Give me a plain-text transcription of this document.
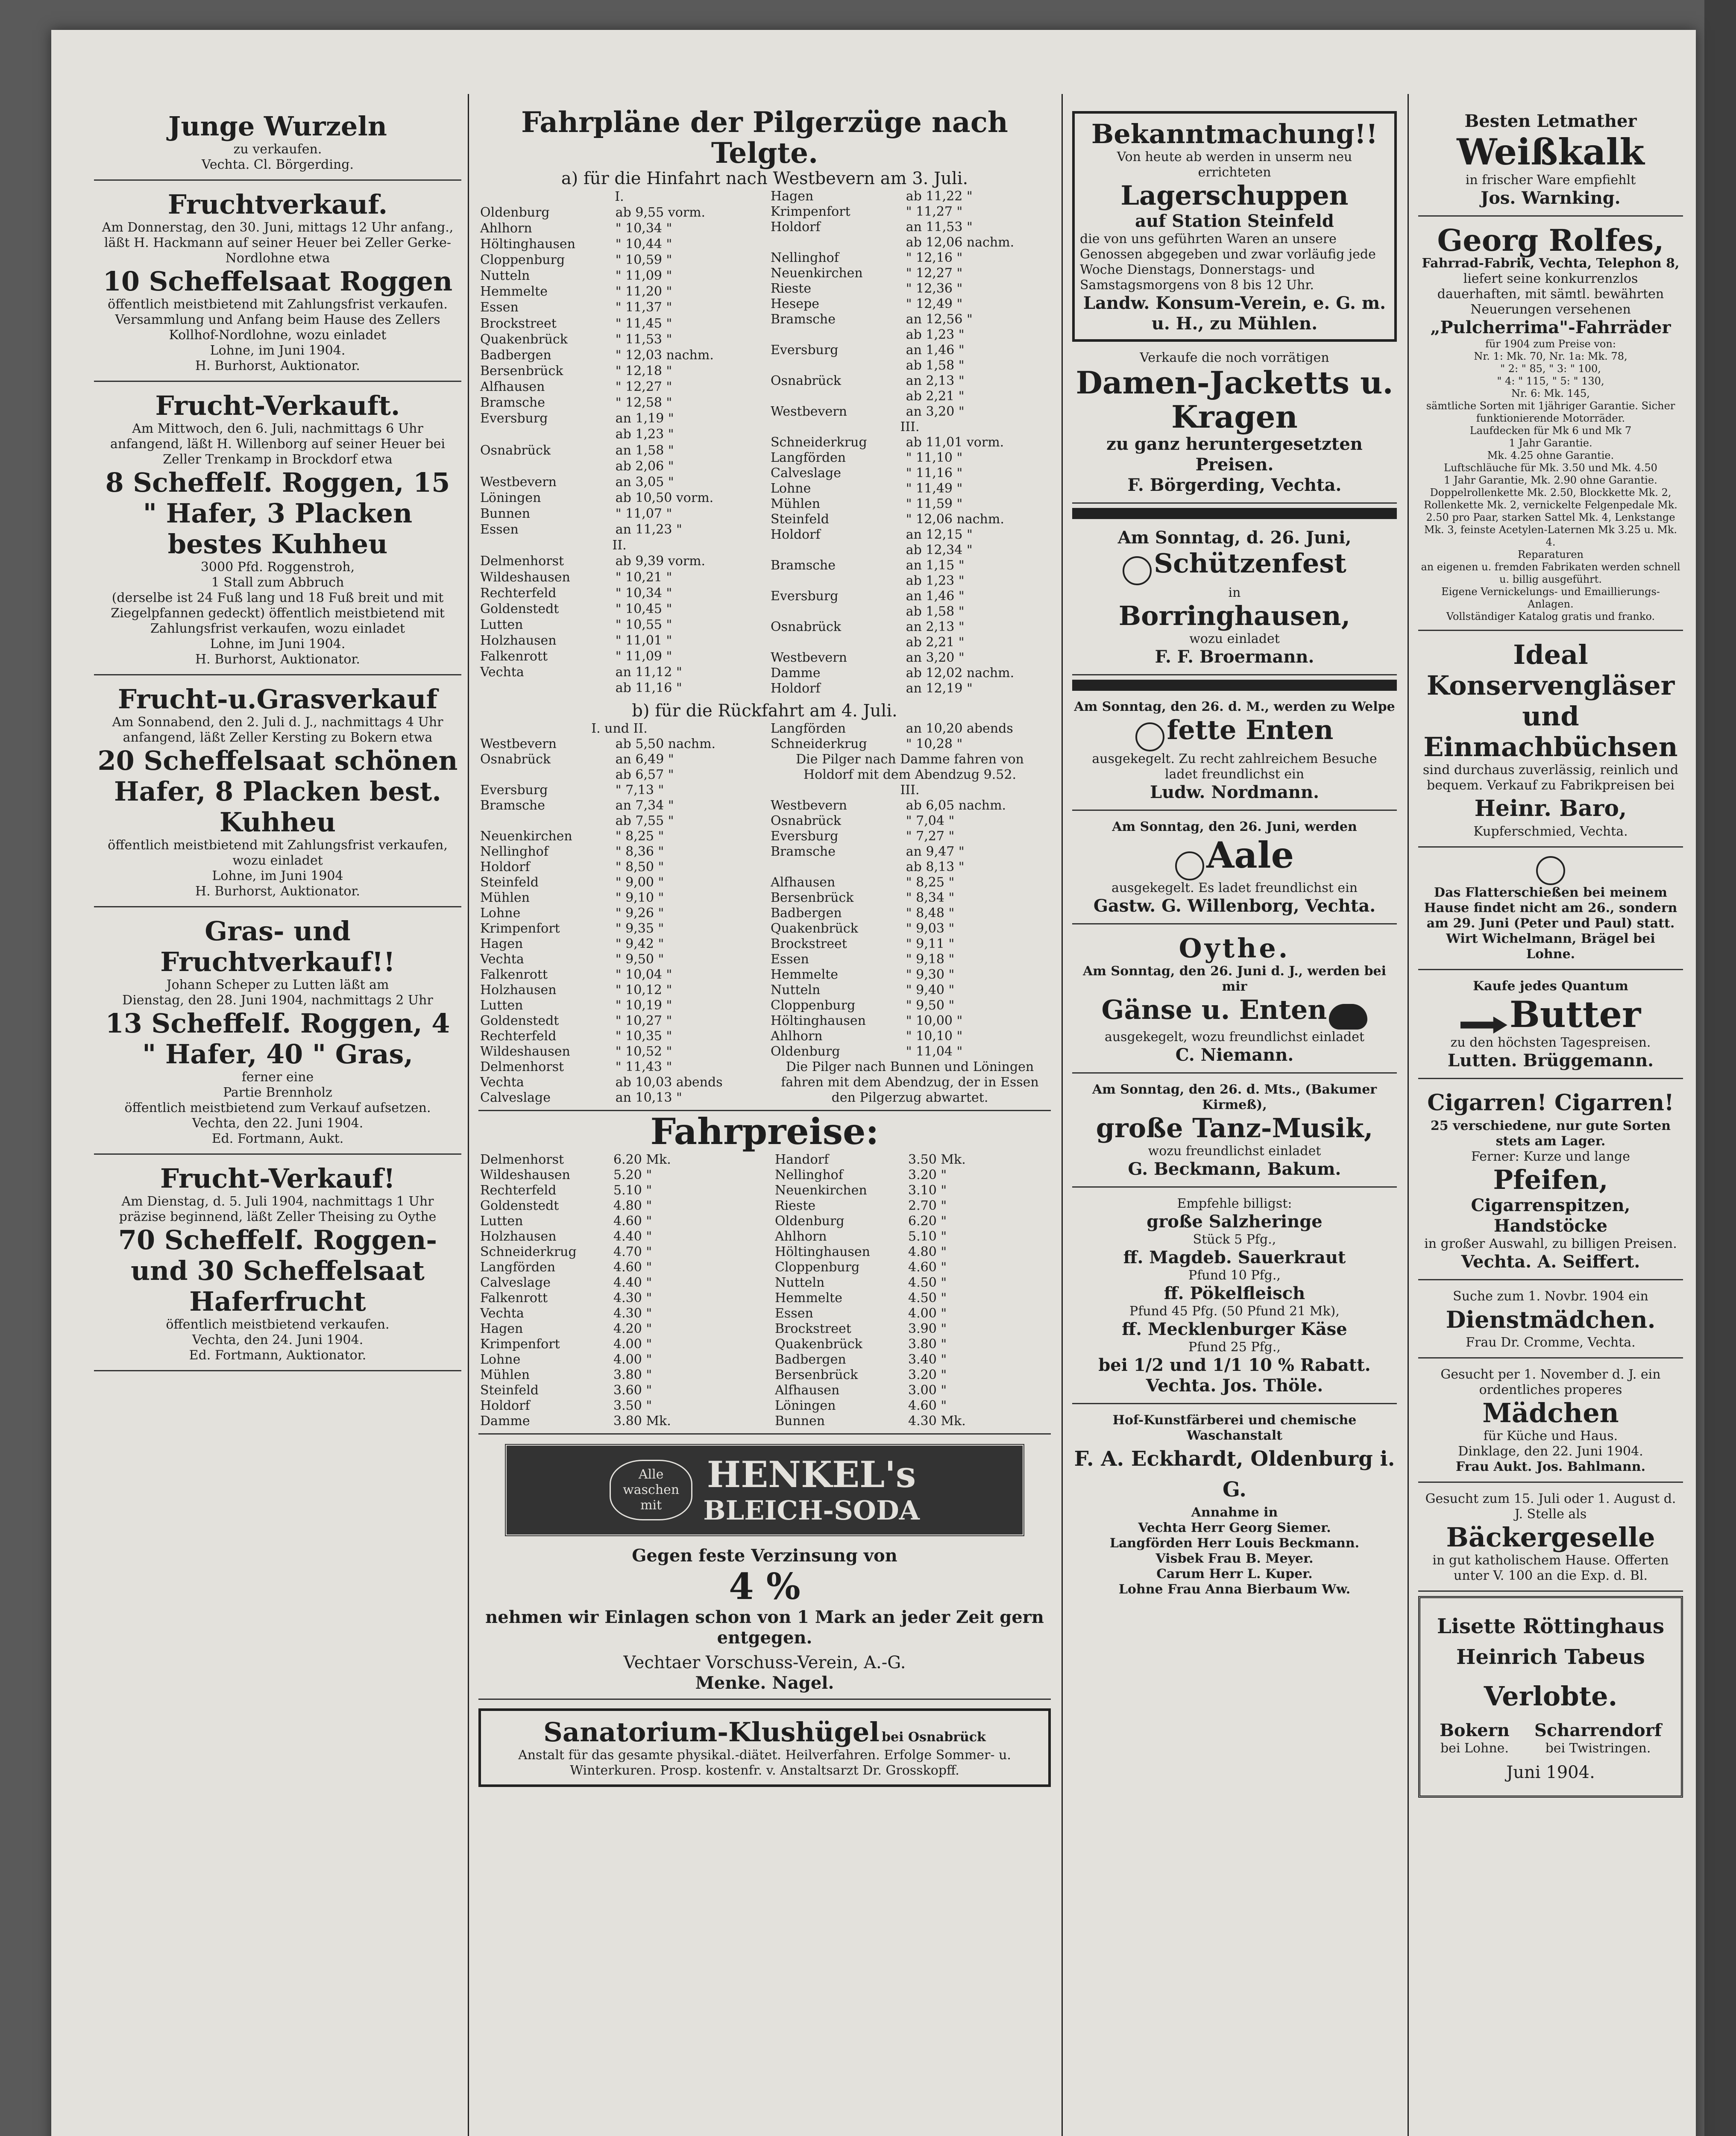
Junge Wurzeln
zu verkaufen.
Vechta. Cl. Börgerding.
Fruchtverkauf.
Am Donnerstag, den 30. Juni, mittags 12 Uhr anfang.,
läßt H. Hackmann auf seiner Heuer bei Zeller Gerke-Nordlohne etwa
10 Scheffelsaat Roggen
öffentlich meistbietend mit Zahlungsfrist verkaufen.
Versammlung und Anfang beim Hause des Zellers Kollhof-Nordlohne, wozu einladet
Lohne, im Juni 1904.
H. Burhorst, Auktionator.
Frucht-Verkauft.
Am Mittwoch, den 6. Juli, nachmittags 6 Uhr
anfangend, läßt H. Willenborg auf seiner Heuer bei Zeller Trenkamp in Brockdorf etwa
8 Scheffelf. Roggen, 15 " Hafer, 3 Placken bestes Kuhheu
3000 Pfd. Roggenstroh,
1 Stall zum Abbruch
(derselbe ist 24 Fuß lang und 18 Fuß breit und mit Ziegelpfannen gedeckt) öffentlich meistbietend mit Zahlungsfrist verkaufen, wozu einladet
Lohne, im Juni 1904.
H. Burhorst, Auktionator.
Frucht-u.Grasverkauf
Am Sonnabend, den 2. Juli d. J., nachmittags 4 Uhr
anfangend, läßt Zeller Kersting zu Bokern etwa
20 Scheffelsaat schönen Hafer, 8 Placken best. Kuhheu
öffentlich meistbietend mit Zahlungsfrist verkaufen, wozu einladet
Lohne, im Juni 1904
H. Burhorst, Auktionator.
Gras- und Fruchtverkauf!!
Johann Scheper zu Lutten läßt am
Dienstag, den 28. Juni 1904, nachmittags 2 Uhr
13 Scheffelf. Roggen, 4 " Hafer, 40 " Gras,
ferner eine
Partie Brennholz
öffentlich meistbietend zum Verkauf aufsetzen.
Vechta, den 22. Juni 1904.
Ed. Fortmann, Aukt.
Frucht-Verkauf!
Am Dienstag, d. 5. Juli 1904, nachmittags 1 Uhr
präzise beginnend, läßt Zeller Theising zu Oythe
70 Scheffelf. Roggen- und 30 Scheffelsaat Haferfrucht
öffentlich meistbietend verkaufen.
Vechta, den 24. Juni 1904.
Ed. Fortmann, Auktionator.
Fahrpläne der Pilgerzüge nach Telgte.
a) für die Hinfahrt nach Westbevern am 3. Juli.
I.	
Oldenburg	ab 9,55 vorm.
Ahlhorn	" 10,34 "
Höltinghausen	" 10,44 "
Cloppenburg	" 10,59 "
Nutteln	" 11,09 "
Hemmelte	" 11,20 "
Essen	" 11,37 "
Brockstreet	" 11,45 "
Quakenbrück	" 11,53 "
Badbergen	" 12,03 nachm.
Bersenbrück	" 12,18 "
Alfhausen	" 12,27 "
Bramsche	" 12,58 "
Eversburg	an 1,19 "
	ab 1,23 "
Osnabrück	an 1,58 "
	ab 2,06 "
Westbevern	an 3,05 "

Löningen	ab 10,50 vorm.
Bunnen	" 11,07 "
Essen	an 11,23 "
II.	
Delmenhorst	ab 9,39 vorm.
Wildeshausen	" 10,21 "
Rechterfeld	" 10,34 "
Goldenstedt	" 10,45 "
Lutten	" 10,55 "
Holzhausen	" 11,01 "
Falkenrott	" 11,09 "
Vechta	an 11,12 "
	ab 11,16 "
Hagen	ab 11,22 "
Krimpenfort	" 11,27 "
Holdorf	an 11,53 "
	ab 12,06 nachm.
Nellinghof	" 12,16 "
Neuenkirchen	" 12,27 "
Rieste	" 12,36 "
Hesepe	" 12,49 "
Bramsche	an 12,56 "
	ab 1,23 "
Eversburg	an 1,46 "
	ab 1,58 "
Osnabrück	an 2,13 "
	ab 2,21 "
Westbevern	an 3,20 "
III.	
Schneiderkrug	ab 11,01 vorm.
Langförden	" 11,10 "
Calveslage	" 11,16 "
Lohne	" 11,49 "
Mühlen	" 11,59 "
Steinfeld	" 12,06 nachm.
Holdorf	an 12,15 "
	ab 12,34 "
Bramsche	an 1,15 "
	ab 1,23 "
Eversburg	an 1,46 "
	ab 1,58 "
Osnabrück	an 2,13 "
	ab 2,21 "
Westbevern	an 3,20 "

Damme	ab 12,02 nachm.
Holdorf	an 12,19 "
b) für die Rückfahrt am 4. Juli.
I. und II.	
Westbevern	ab 5,50 nachm.
Osnabrück	an 6,49 "
	ab 6,57 "
Eversburg	" 7,13 "
Bramsche	an 7,34 "
	ab 7,55 "
Neuenkirchen	" 8,25 "
Nellinghof	" 8,36 "
Holdorf	" 8,50 "
Steinfeld	" 9,00 "
Mühlen	" 9,10 "
Lohne	" 9,26 "
Krimpenfort	" 9,35 "
Hagen	" 9,42 "
Vechta	" 9,50 "
Falkenrott	" 10,04 "
Holzhausen	" 10,12 "
Lutten	" 10,19 "
Goldenstedt	" 10,27 "
Rechterfeld	" 10,35 "
Wildeshausen	" 10,52 "
Delmenhorst	" 11,43 "

Vechta	ab 10,03 abends
Calveslage	an 10,13 "
Langförden	an 10,20 abends
Schneiderkrug	" 10,28 "
Die Pilger nach Damme fahren von Holdorf mit dem Abendzug 9.52.	
III.	
Westbevern	ab 6,05 nachm.
Osnabrück	" 7,04 "
Eversburg	" 7,27 "
Bramsche	an 9,47 "
	ab 8,13 "
Alfhausen	" 8,25 "
Bersenbrück	" 8,34 "
Badbergen	" 8,48 "
Quakenbrück	" 9,03 "
Brockstreet	" 9,11 "
Essen	" 9,18 "
Hemmelte	" 9,30 "
Nutteln	" 9,40 "
Cloppenburg	" 9,50 "
Höltinghausen	" 10,00 "
Ahlhorn	" 10,10 "
Oldenburg	" 11,04 "

Die Pilger nach Bunnen und Löningen fahren mit dem Abendzug, der in Essen den Pilgerzug abwartet.	
Fahrpreise:
Delmenhorst	6.20 Mk.
Wildeshausen	5.20 "
Rechterfeld	5.10 "
Goldenstedt	4.80 "
Lutten	4.60 "
Holzhausen	4.40 "
Schneiderkrug	4.70 "
Langförden	4.60 "
Calveslage	4.40 "
Falkenrott	4.30 "
Vechta	4.30 "
Hagen	4.20 "
Krimpenfort	4.00 "
Lohne	4.00 "
Mühlen	3.80 "
Steinfeld	3.60 "
Holdorf	3.50 "
Damme	3.80 Mk.
Handorf	3.50 Mk.
Nellinghof	3.20 "
Neuenkirchen	3.10 "
Rieste	2.70 "
Oldenburg	6.20 "
Ahlhorn	5.10 "
Höltinghausen	4.80 "
Cloppenburg	4.60 "
Nutteln	4.50 "
Hemmelte	4.50 "
Essen	4.00 "
Brockstreet	3.90 "
Quakenbrück	3.80 "
Badbergen	3.40 "
Bersenbrück	3.20 "
Alfhausen	3.00 "
Löningen	4.60 "
Bunnen	4.30 Mk.
Alle waschen mit
HENKEL's
BLEICH-SODA
Gegen feste Verzinsung von
4 %
nehmen wir Einlagen schon von 1 Mark an jeder Zeit gern entgegen.
Vechtaer Vorschuss-Verein, A.-G.
Menke. Nagel.
Sanatorium-Klushügel bei Osnabrück
Anstalt für das gesamte physikal.-diätet. Heilverfahren. Erfolge Sommer- u. Winterkuren. Prosp. kostenfr. v. Anstaltsarzt Dr. Grosskopff.
Bekanntmachung!!
Von heute ab werden in unserm neu errichteten
Lagerschuppen
auf Station Steinfeld
die von uns geführten Waren an unsere Genossen abgegeben und zwar vorläufig jede Woche Dienstags, Donnerstags- und Samstagsmorgens von 8 bis 12 Uhr.
Landw. Konsum-Verein, e. G. m. u. H., zu Mühlen.
Verkaufe die noch vorrätigen
Damen-Jacketts u. Kragen
zu ganz heruntergesetzten Preisen.
F. Börgerding, Vechta.
Am Sonntag, d. 26. Juni,
Schützenfest
in
Borringhausen,
wozu einladet
F. F. Broermann.
Am Sonntag, den 26. d. M., werden zu Welpe
fette Enten
ausgekegelt. Zu recht zahlreichem Besuche ladet freundlichst ein
Ludw. Nordmann.
Am Sonntag, den 26. Juni, werden
Aale
ausgekegelt. Es ladet freundlichst ein
Gastw. G. Willenborg, Vechta.
Oythe.
Am Sonntag, den 26. Juni d. J., werden bei mir
Gänse u. Enten
ausgekegelt, wozu freundlichst einladet
C. Niemann.
Am Sonntag, den 26. d. Mts., (Bakumer Kirmeß),
große Tanz-Musik,
wozu freundlichst einladet
G. Beckmann, Bakum.
Empfehle billigst:
große Salzheringe
Stück 5 Pfg.,
ff. Magdeb. Sauerkraut
Pfund 10 Pfg.,
ff. Pökelfleisch
Pfund 45 Pfg. (50 Pfund 21 Mk),
ff. Mecklenburger Käse
Pfund 25 Pfg.,
bei 1/2 und 1/1 10 % Rabatt.
Vechta. Jos. Thöle.
Hof-Kunstfärberei und chemische Waschanstalt
F. A. Eckhardt, Oldenburg i. G.
Annahme in
Vechta Herr Georg Siemer.
Langförden Herr Louis Beckmann.
Visbek Frau B. Meyer.
Carum Herr L. Kuper.
Lohne Frau Anna Bierbaum Ww.
Besten Letmather
Weißkalk
in frischer Ware empfiehlt
Jos. Warnking.
Georg Rolfes,
Fahrrad-Fabrik, Vechta, Telephon 8,
liefert seine konkurrenzlos dauerhaften, mit sämtl. bewährten Neuerungen versehenen
„Pulcherrima"-Fahrräder
für 1904 zum Preise von:
Nr. 1: Mk. 70, Nr. 1a: Mk. 78,
" 2: " 85, " 3: " 100,
" 4: " 115, " 5: " 130,
Nr. 6: Mk. 145,
sämtliche Sorten mit 1jähriger Garantie. Sicher funktionierende Motorräder.
Laufdecken für Mk 6 und Mk 7
1 Jahr Garantie.
Mk. 4.25 ohne Garantie.
Luftschläuche für Mk. 3.50 und Mk. 4.50
1 Jahr Garantie, Mk. 2.90 ohne Garantie.
Doppelrollenkette Mk. 2.50, Blockkette Mk. 2, Rollenkette Mk. 2, vernickelte Felgenpedale Mk. 2.50 pro Paar, starken Sattel Mk. 4, Lenkstange Mk. 3, feinste Acetylen-Laternen Mk 3.25 u. Mk. 4.
Reparaturen
an eigenen u. fremden Fabrikaten werden schnell u. billig ausgeführt.
Eigene Vernickelungs- und Emaillierungs-Anlagen.
Vollständiger Katalog gratis und franko.
Ideal Konservengläser und Einmachbüchsen
sind durchaus zuverlässig, reinlich und bequem. Verkauf zu Fabrikpreisen bei
Heinr. Baro,
Kupferschmied, Vechta.
Das Flatterschießen bei meinem Hause findet nicht am 26., sondern am 29. Juni (Peter und Paul) statt.
Wirt Wichelmann, Brägel bei Lohne.
Kaufe jedes Quantum
Butter
zu den höchsten Tagespreisen.
Lutten. Brüggemann.
Cigarren! Cigarren!
25 verschiedene, nur gute Sorten stets am Lager.
Ferner: Kurze und lange
Pfeifen,
Cigarrenspitzen, Handstöcke
in großer Auswahl, zu billigen Preisen.
Vechta. A. Seiffert.
Suche zum 1. Novbr. 1904 ein
Dienstmädchen.
Frau Dr. Cromme, Vechta.
Gesucht per 1. November d. J. ein ordentliches properes
Mädchen
für Küche und Haus.
Dinklage, den 22. Juni 1904.
Frau Aukt. Jos. Bahlmann.
Gesucht zum 15. Juli oder 1. August d. J. Stelle als
Bäckergeselle
in gut katholischem Hause. Offerten unter V. 100 an die Exp. d. Bl.
Lisette Röttinghaus
Heinrich Tabeus
Verlobte.
Bokern
bei Lohne.
Scharrendorf
bei Twistringen.
Juni 1904.
